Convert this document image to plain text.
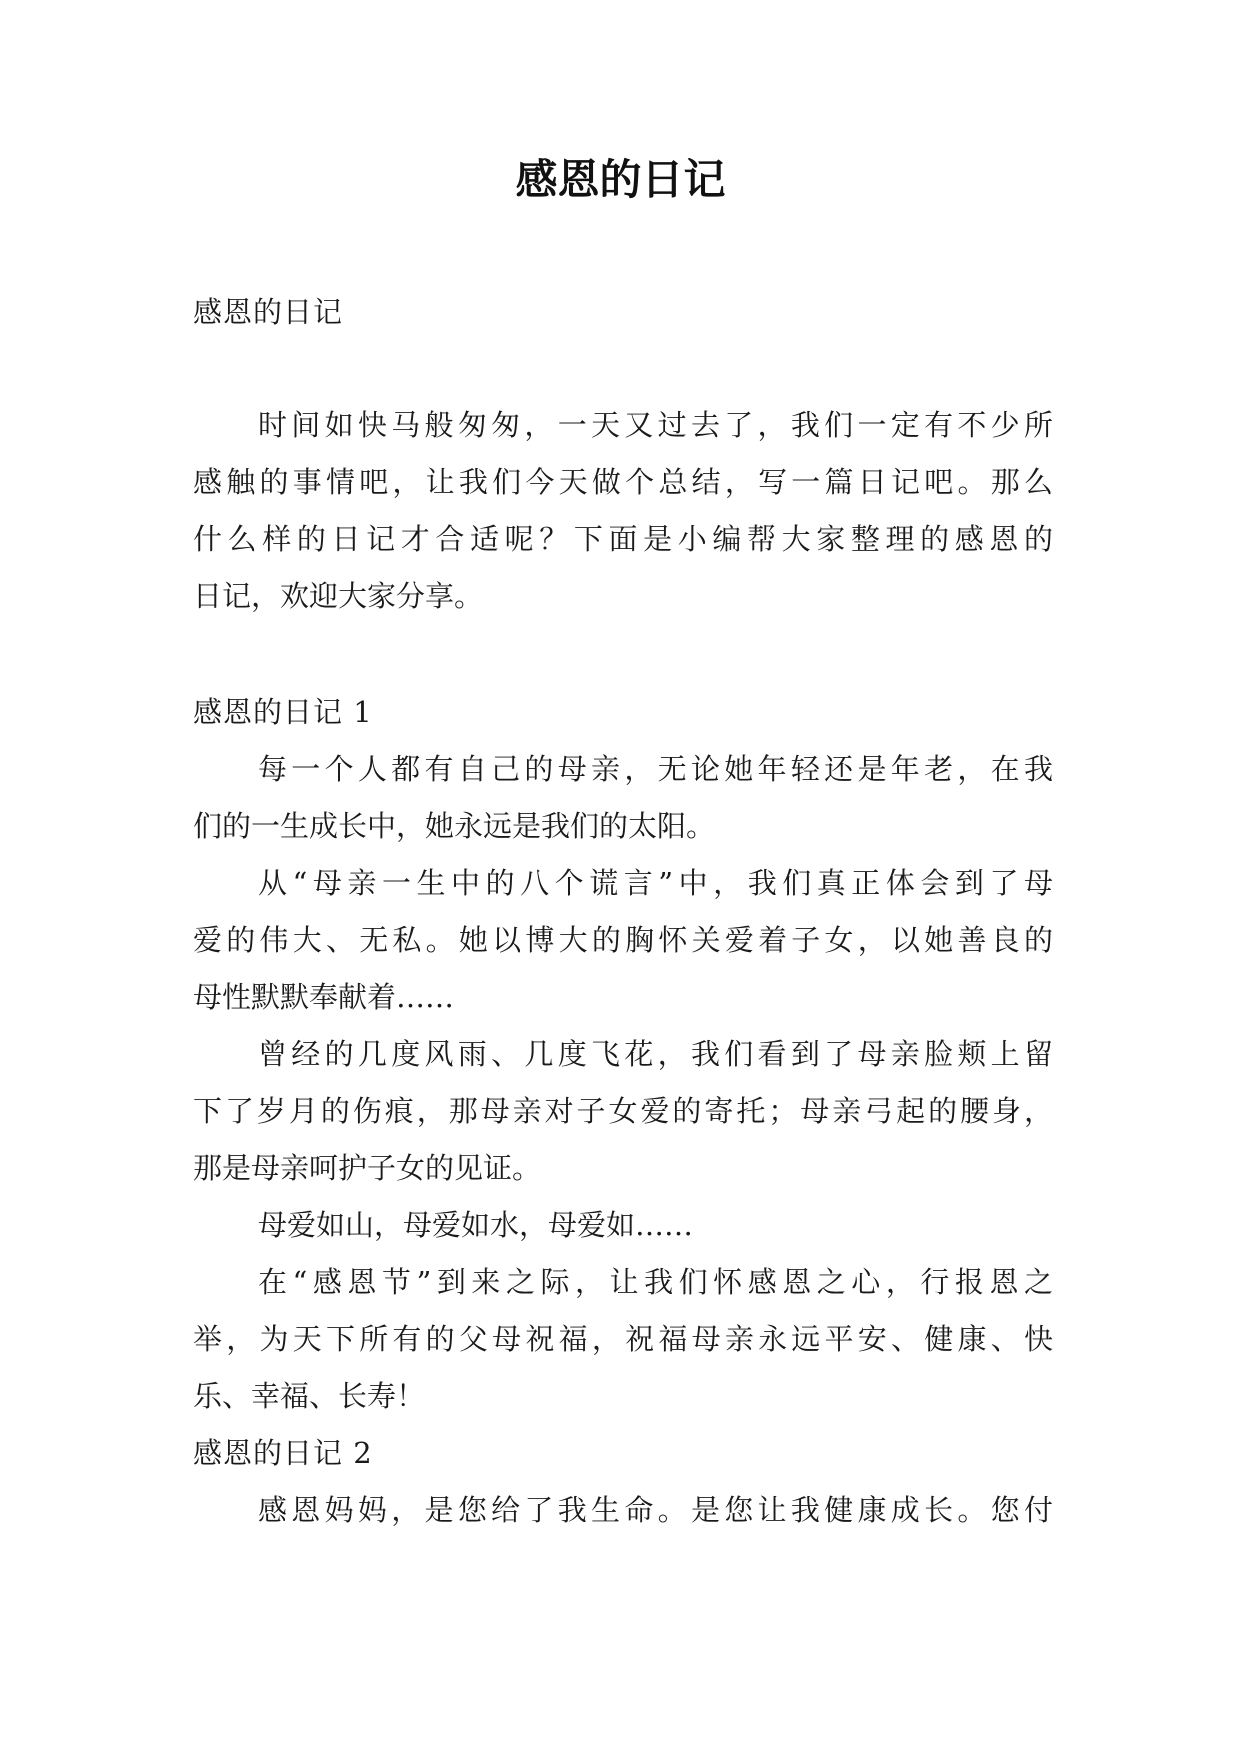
感恩的日记

感恩的日记

时间如快马般匆匆，一天又过去了，我们一定有不少所

感触的事情吧，让我们今天做个总结，写一篇日记吧。那么

什么样的日记才合适呢？下面是小编帮大家整理的感恩的

日记，欢迎大家分享。

感恩的日记 1

每一个人都有自己的母亲，无论她年轻还是年老，在我

们的一生成长中，她永远是我们的太阳。

从“母亲一生中的八个谎言”中，我们真正体会到了母

爱的伟大、无私。她以博大的胸怀关爱着子女，以她善良的

母性默默奉献着……

曾经的几度风雨、几度飞花，我们看到了母亲脸颊上留

下了岁月的伤痕，那母亲对子女爱的寄托；母亲弓起的腰身，

那是母亲呵护子女的见证。

母爱如山，母爱如水，母爱如……

在“感恩节”到来之际，让我们怀感恩之心，行报恩之

举，为天下所有的父母祝福，祝福母亲永远平安、健康、快

乐、幸福、长寿！

感恩的日记 2

感恩妈妈，是您给了我生命。是您让我健康成长。您付
